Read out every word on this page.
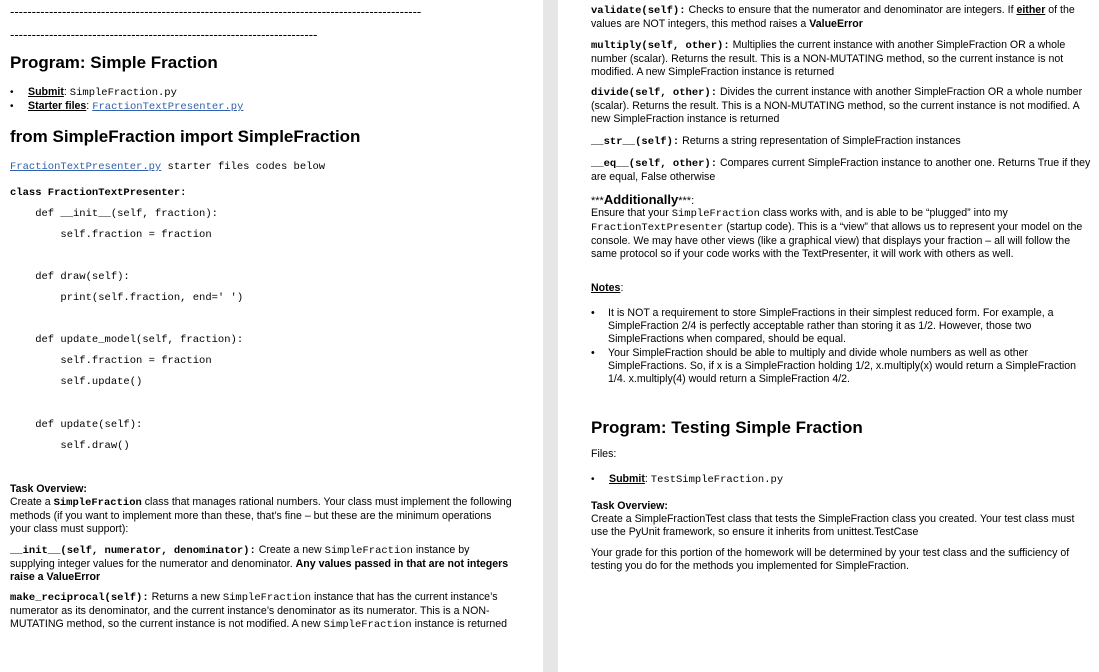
-----------------------------------------------------------------------------------------------
-----------------------------------------------------------------------
Program: Simple Fraction
• Submit: SimpleFraction.py
• Starter files: FractionTextPresenter.py
from SimpleFraction import SimpleFraction
FractionTextPresenter.py starter files codes below
class FractionTextPresenter:
def __init__(self, fraction):
self.fraction = fraction
def draw(self):
print(self.fraction, end=' ')
def update_model(self, fraction):
self.fraction = fraction
self.update()
def update(self):
self.draw()
Task Overview:
Create a SimpleFraction class that manages rational numbers. Your class must implement the following methods (if you want to implement more than these, that’s fine – but these are the minimum operations your class must support):
__init__(self, numerator, denominator): Create a new SimpleFraction instance by supplying integer values for the numerator and denominator. Any values passed in that are not integers raise a ValueError
make_reciprocal(self): Returns a new SimpleFraction instance that has the current instance’s numerator as its denominator, and the current instance’s denominator as its numerator. This is a NON-MUTATING method, so the current instance is not modified. A new SimpleFraction instance is returned
validate(self): Checks to ensure that the numerator and denominator are integers. If either of the values are NOT integers, this method raises a ValueError
multiply(self, other): Multiplies the current instance with another SimpleFraction OR a whole number (scalar). Returns the result. This is a NON-MUTATING method, so the current instance is not modified. A new SimpleFraction instance is returned
divide(self, other): Divides the current instance with another SimpleFraction OR a whole number (scalar). Returns the result. This is a NON-MUTATING method, so the current instance is not modified. A new SimpleFraction instance is returned
__str__(self): Returns a string representation of SimpleFraction instances
__eq__(self, other): Compares current SimpleFraction instance to another one. Returns True if they are equal, False otherwise
***Additionally***:
Ensure that your SimpleFraction class works with, and is able to be “plugged” into my FractionTextPresenter (startup code). This is a “view” that allows us to represent your model on the console. We may have other views (like a graphical view) that displays your fraction – all will follow the same protocol so if your code works with the TextPresenter, it will work with others as well.
Notes:
• It is NOT a requirement to store SimpleFractions in their simplest reduced form. For example, a SimpleFraction 2/4 is perfectly acceptable rather than storing it as 1/2. However, those two SimpleFractions when compared, should be equal.
• Your SimpleFraction should be able to multiply and divide whole numbers as well as other SimpleFractions. So, if x is a SimpleFraction holding 1/2, x.multiply(x) would return a SimpleFraction 1/4. x.multiply(4) would return a SimpleFraction 4/2.
Program: Testing Simple Fraction
Files:
• Submit: TestSimpleFraction.py
Task Overview:
Create a SimpleFractionTest class that tests the SimpleFraction class you created. Your test class must use the PyUnit framework, so ensure it inherits from unittest.TestCase
Your grade for this portion of the homework will be determined by your test class and the sufficiency of testing you do for the methods you implemented for SimpleFraction.
